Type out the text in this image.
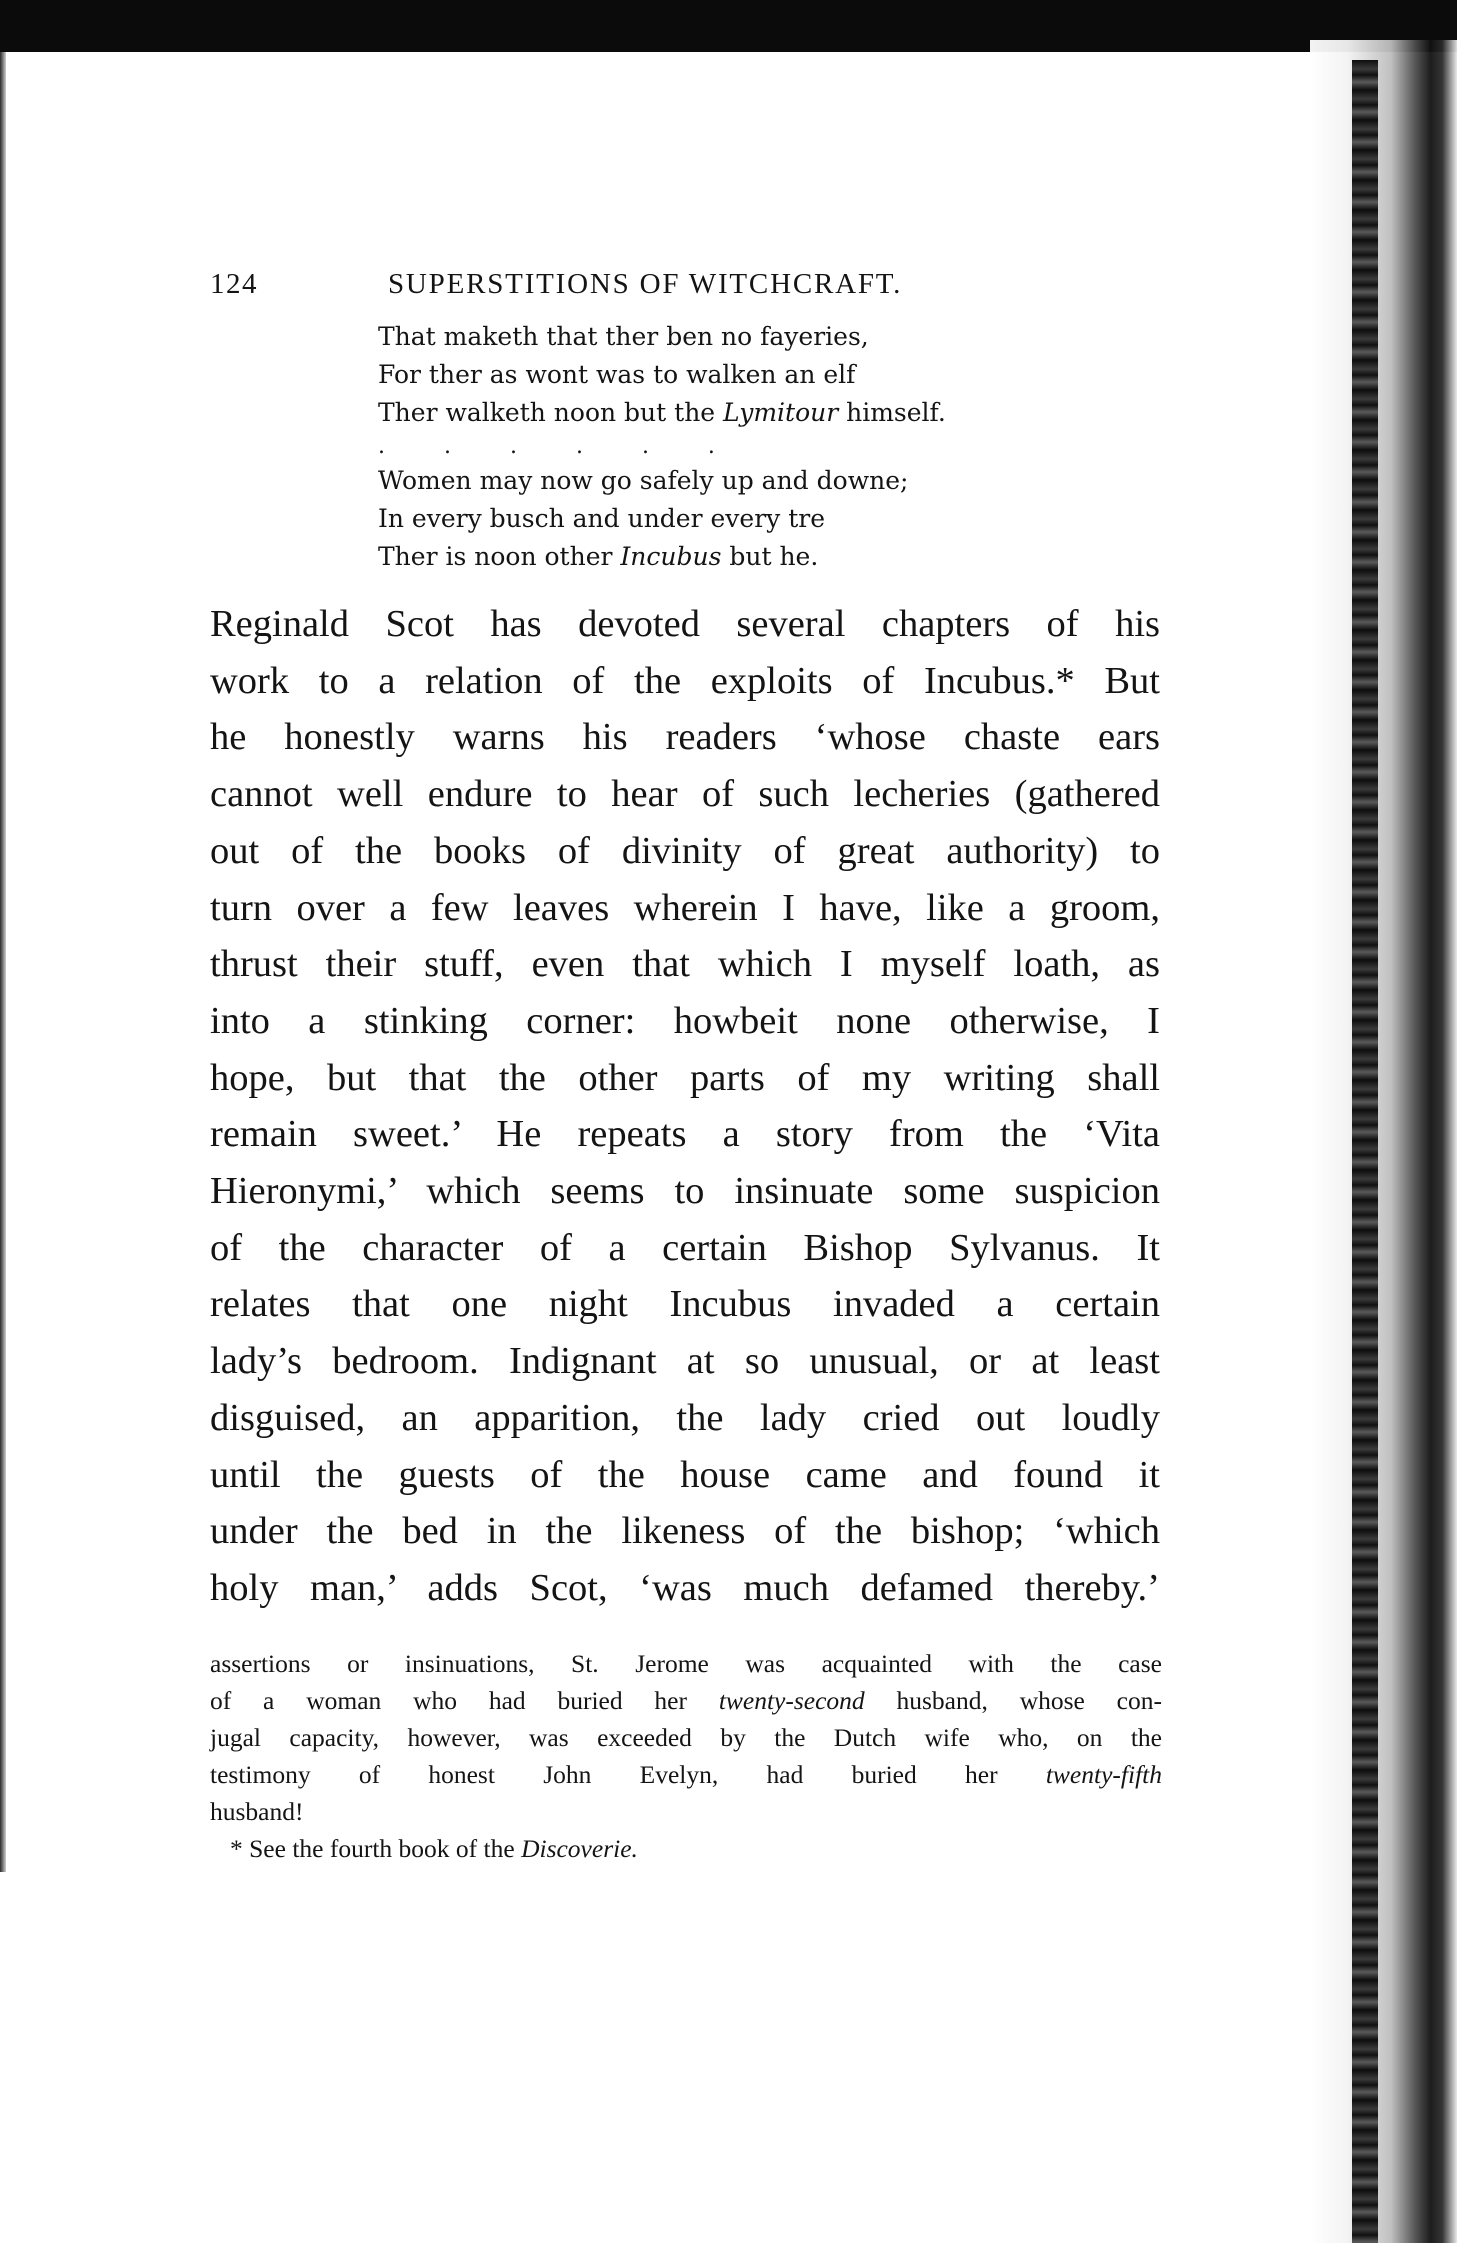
124	SUPERSTITIONS OF WITCHCRAFT.

That maketh that ther ben no fayeries,

For ther as wont was to walken an elf

Ther walketh noon but the Lymitour himself.

. . . . . .

Women may now go safely up and downe;

In every busch and under every tre

Ther is noon other Incubus but he.

Reginald Scot has devoted several chapters of his
work to a relation of the exploits of Incubus.* But
he honestly warns his readers ‘whose chaste ears
cannot well endure to hear of such lecheries (gathered
out of the books of divinity of great authority) to
turn over a few leaves wherein I have, like a groom,
thrust their stuff, even that which I myself loath, as
into a stinking corner: howbeit none otherwise, I
hope, but that the other parts of my writing shall
remain sweet.’ He repeats a story from the ‘Vita
Hieronymi,’ which seems to insinuate some suspicion
of the character of a certain Bishop Sylvanus. It
relates that one night Incubus invaded a certain
lady’s bedroom. Indignant at so unusual, or at least
disguised, an apparition, the lady cried out loudly
until the guests of the house came and found it
under the bed in the likeness of the bishop; ‘which
holy man,’ adds Scot, ‘was much defamed thereby.’
assertions or insinuations, St. Jerome was acquainted with the case
of a woman who had buried her twenty-second husband, whose con-
jugal capacity, however, was exceeded by the Dutch wife who, on the
testimony of honest John Evelyn, had buried her twenty-fifth
husband!
* See the fourth book of the Discoverie.
